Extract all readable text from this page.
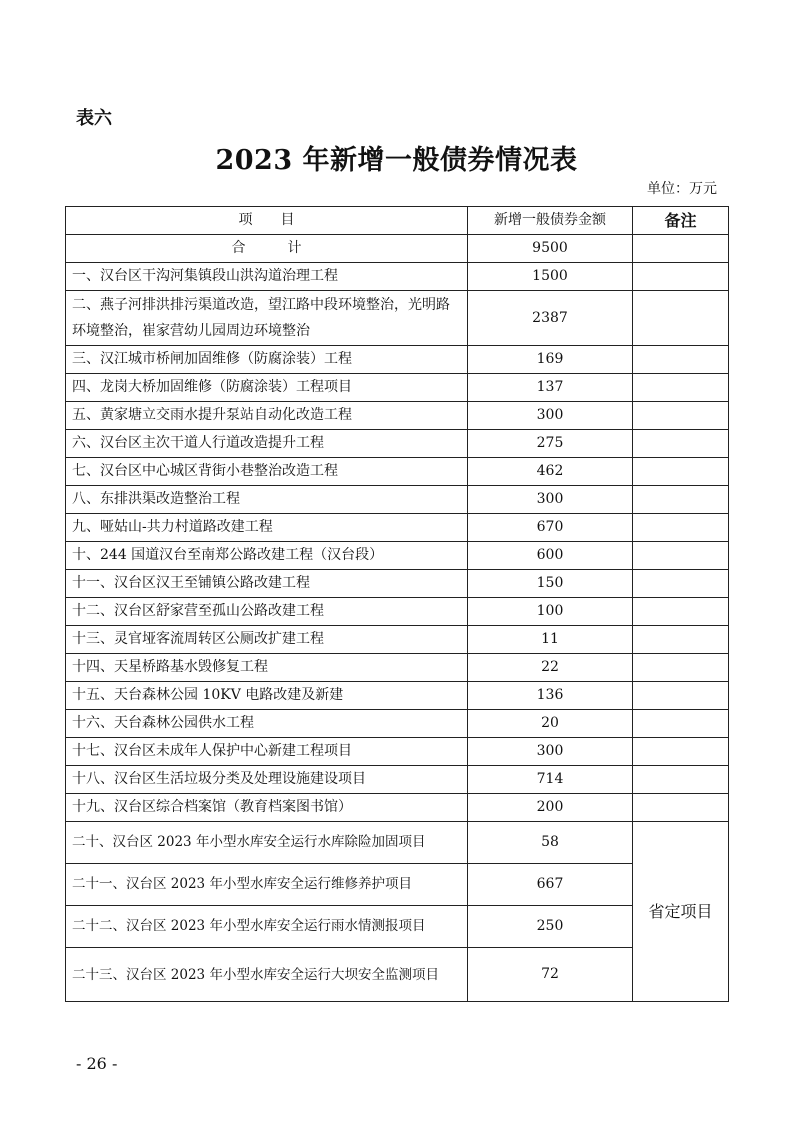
表六
2023 年新增一般债券情况表
单位：万元
项　　目	新增一般债券金额	备注
合　　　计	9500	
一、汉台区干沟河集镇段山洪沟道治理工程	1500	
二、燕子河排洪排污渠道改造，望江路中段环境整治，光明路环境整治，崔家营幼儿园周边环境整治	2387	
三、汉江城市桥闸加固维修（防腐涂装）工程	169	
四、龙岗大桥加固维修（防腐涂装）工程项目	137	
五、黄家塘立交雨水提升泵站自动化改造工程	300	
六、汉台区主次干道人行道改造提升工程	275	
七、汉台区中心城区背街小巷整治改造工程	462	
八、东排洪渠改造整治工程	300	
九、哑姑山-共力村道路改建工程	670	
十、244 国道汉台至南郑公路改建工程（汉台段）	600	
十一、汉台区汉王至铺镇公路改建工程	150	
十二、汉台区舒家营至孤山公路改建工程	100	
十三、灵官垭客流周转区公厕改扩建工程	11	
十四、天星桥路基水毁修复工程	22	
十五、天台森林公园 10KV 电路改建及新建	136	
十六、天台森林公园供水工程	20	
十七、汉台区未成年人保护中心新建工程项目	300	
十八、汉台区生活垃圾分类及处理设施建设项目	714	
十九、汉台区综合档案馆（教育档案图书馆）	200	
二十、汉台区 2023 年小型水库安全运行水库除险加固项目	58	省定项目
二十一、汉台区 2023 年小型水库安全运行维修养护项目	667	
二十二、汉台区 2023 年小型水库安全运行雨水情测报项目	250	
二十三、汉台区 2023 年小型水库安全运行大坝安全监测项目	72	
- 26 -
